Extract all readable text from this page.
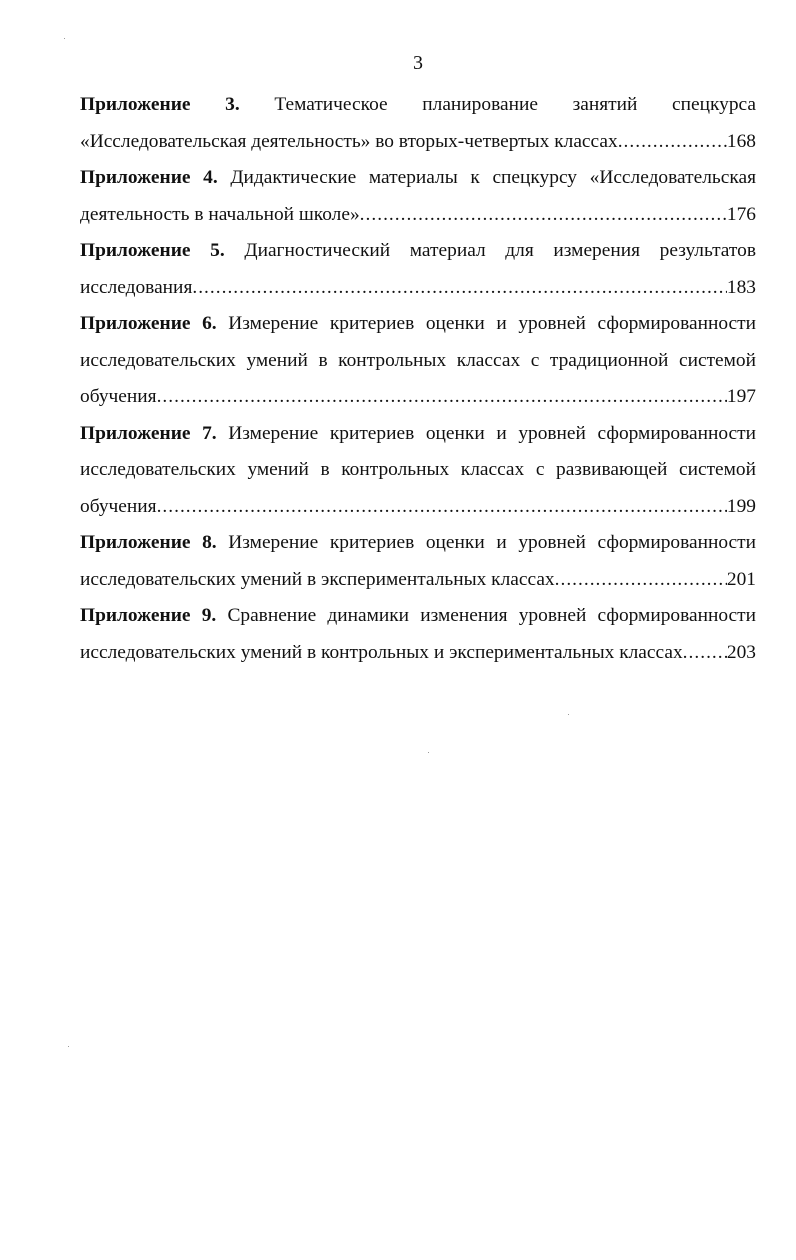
3
Приложение 3. Тематическое планирование занятий спецкурса
«Исследовательская деятельность» во вторых-четвертых классах .....	168
Приложение 4. Дидактические материалы к спецкурсу «Исследовательская
деятельность в начальной школе» .....	176
Приложение 5. Диагностический материал для измерения результатов
исследования .....	183
Приложение 6. Измерение критериев оценки и уровней сформированности
исследовательских умений в контрольных классах с традиционной системой
обучения .....	197
Приложение 7. Измерение критериев оценки и уровней сформированности
исследовательских умений в контрольных классах с развивающей системой
обучения .....	199
Приложение 8. Измерение критериев оценки и уровней сформированности
исследовательских умений в экспериментальных классах .....	201
Приложение 9. Сравнение динамики изменения уровней сформированности
исследовательских умений в контрольных и экспериментальных классах ..... 203
